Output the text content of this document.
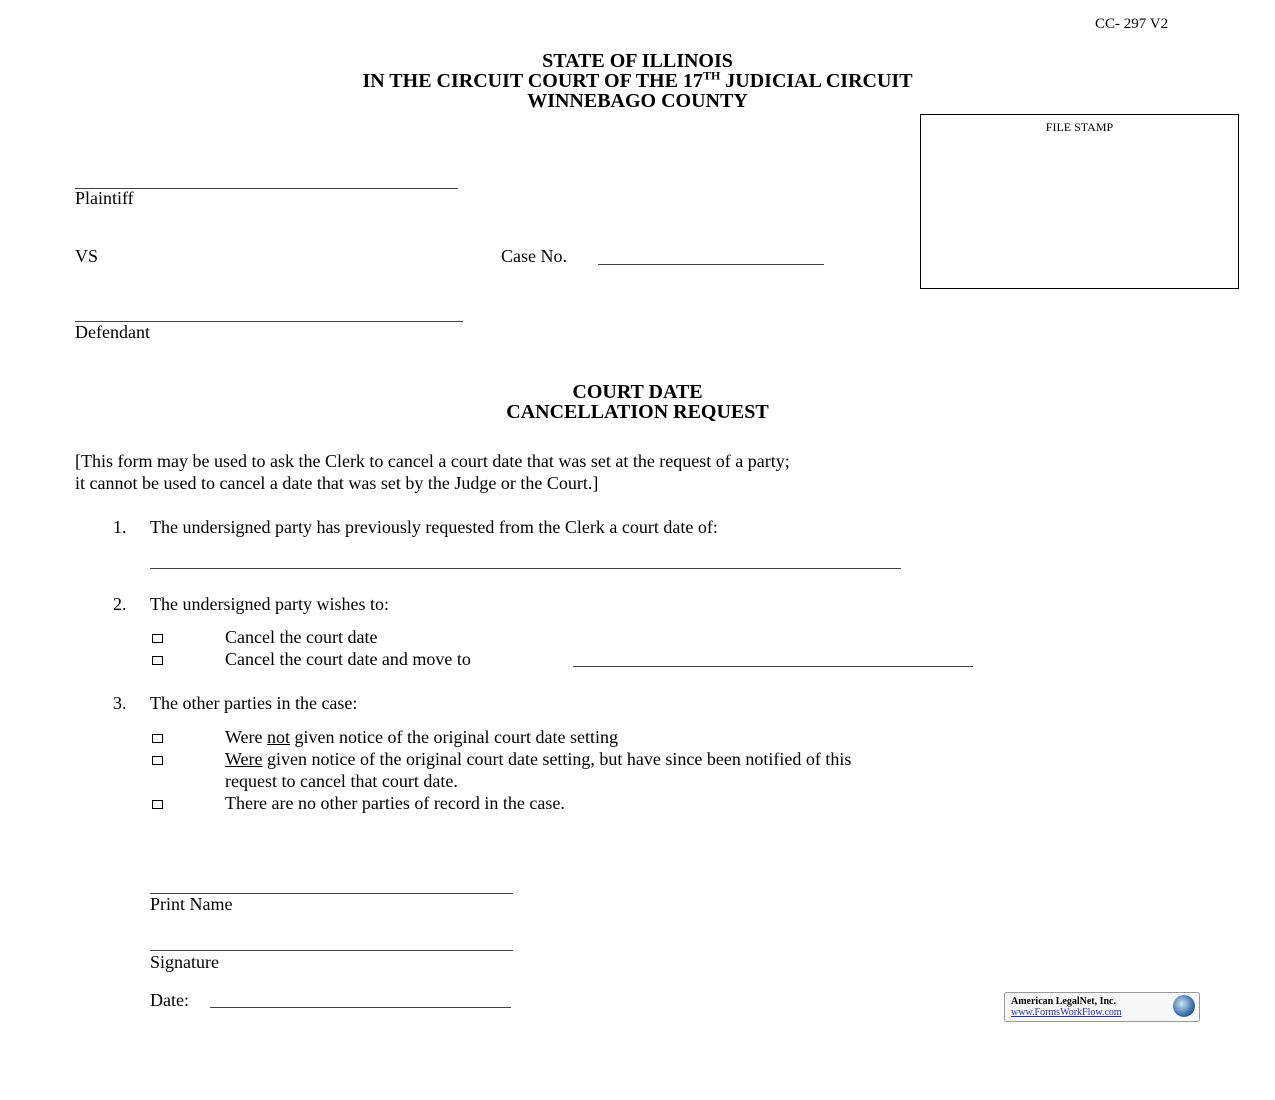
CC- 297 V2
STATE OF ILLINOIS
IN THE CIRCUIT COURT OF THE 17TH JUDICIAL CIRCUIT
WINNEBAGO COUNTY
FILE STAMP
Plaintiff
VS	Case No.
Defendant
COURT DATE
CANCELLATION REQUEST
[This form may be used to ask the Clerk to cancel a court date that was set at the request of a party;
it cannot be used to cancel a date that was set by the Judge or the Court.]
1. The undersigned party has previously requested from the Clerk a court date of:
2. The undersigned party wishes to:
Cancel the court date
Cancel the court date and move to
3. The other parties in the case:
Were not given notice of the original court date setting
Were given notice of the original court date setting, but have since been notified of this
request to cancel that court date.
There are no other parties of record in the case.
Print Name
Signature
Date:	American LegalNet, Inc.
www.FormsWorkFlow.com
